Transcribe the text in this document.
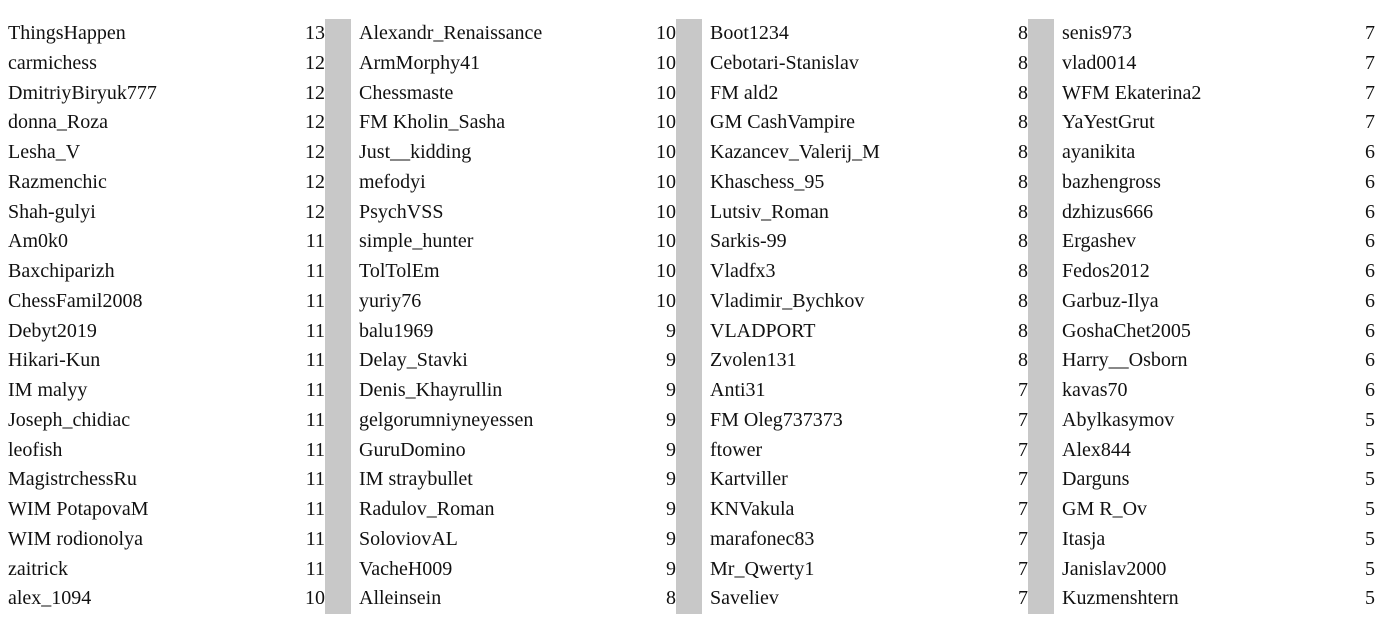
ThingsHappen
carmichess
DmitriyBiryuk777
donna_Roza
Lesha_V
Razmenchic
Shah-gulyi
Am0k0
Baxchiparizh
ChessFamil2008
Debyt2019
Hikari-Kun
IM malyy
Joseph_chidiac
leofish
MagistrchessRu
WIM PotapovaM
WIM rodionolya
zaitrick
alex_1094
13
12
12
12
12
12
12
11
11
11
11
11
11
11
11
11
11
11
11
10
Alexandr_Renaissance
ArmMorphy41
Chessmaste
FM Kholin_Sasha
Just__kidding
mefodyi
PsychVSS
simple_hunter
TolTolEm
yuriy76
balu1969
Delay_Stavki
Denis_Khayrullin
gelgorumniyneyessen
GuruDomino
IM straybullet
Radulov_Roman
SoloviovAL
VacheH009
Alleinsein
10
10
10
10
10
10
10
10
10
10
9
9
9
9
9
9
9
9
9
8
Boot1234
Cebotari-Stanislav
FM ald2
GM CashVampire
Kazancev_Valerij_M
Khaschess_95
Lutsiv_Roman
Sarkis-99
Vladfx3
Vladimir_Bychkov
VLADPORT
Zvolen131
Anti31
FM Oleg737373
ftower
Kartviller
KNVakula
marafonec83
Mr_Qwerty1
Saveliev
8
8
8
8
8
8
8
8
8
8
8
8
7
7
7
7
7
7
7
7
senis973
vlad0014
WFM Ekaterina2
YaYestGrut
ayanikita
bazhengross
dzhizus666
Ergashev
Fedos2012
Garbuz-Ilya
GoshaChet2005
Harry__Osborn
kavas70
Abylkasymov
Alex844
Darguns
GM R_Ov
Itasja
Janislav2000
Kuzmenshtern
7
7
7
7
6
6
6
6
6
6
6
6
6
5
5
5
5
5
5
5
